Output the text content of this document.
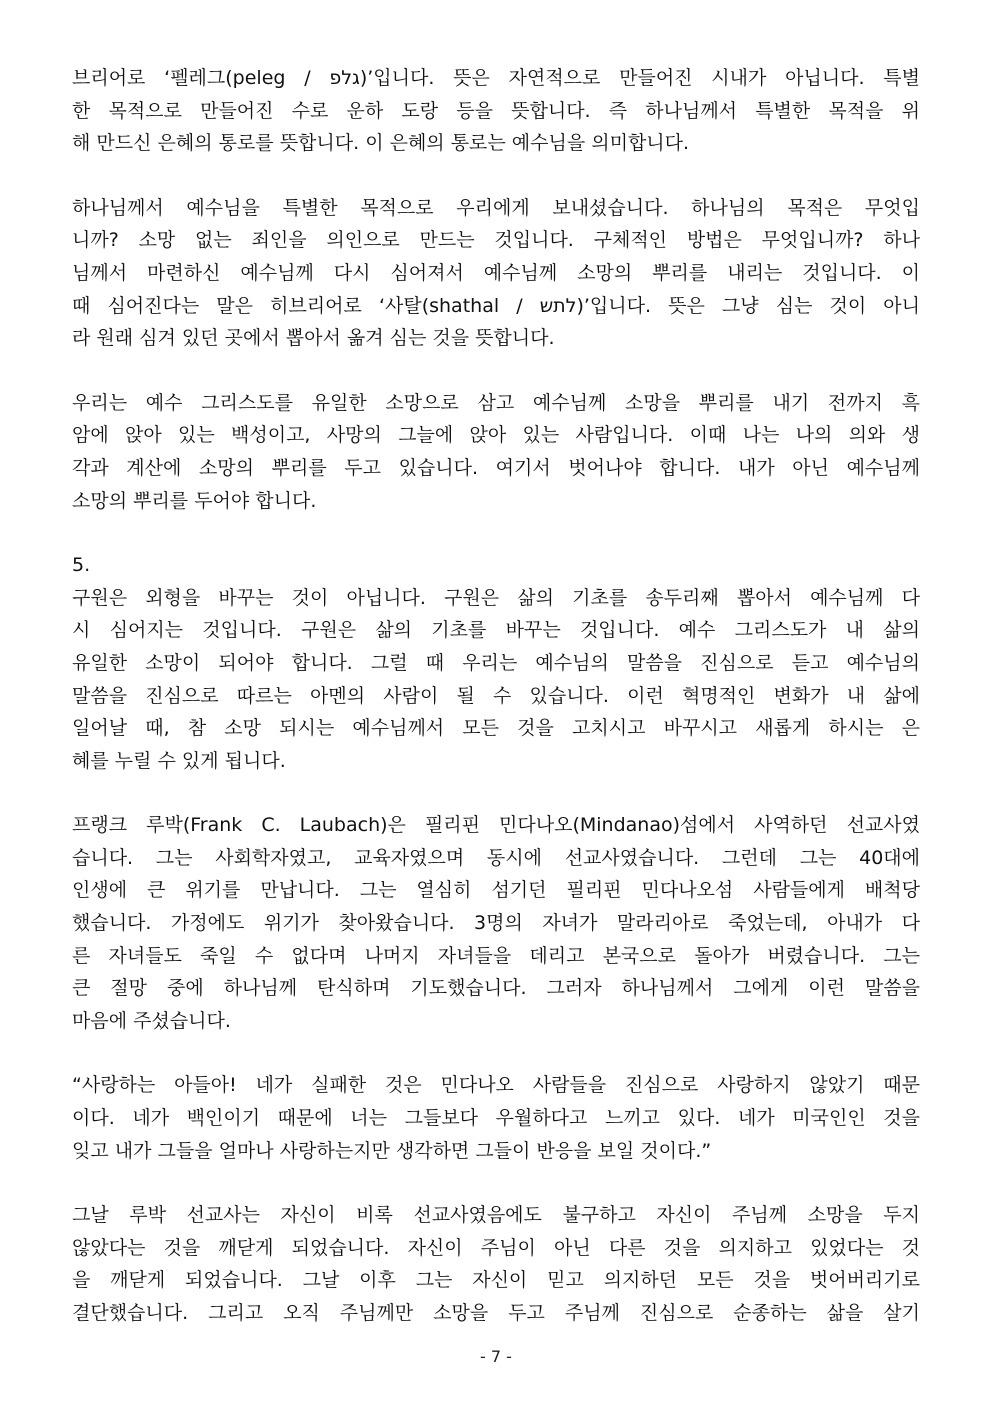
브리어로 ‘펠레그(peleg / גלפ)’입니다. 뜻은 자연적으로 만들어진 시내가 아닙니다. 특별
한 목적으로 만들어진 수로 운하 도랑 등을 뜻합니다. 즉 하나님께서 특별한 목적을 위
해 만드신 은혜의 통로를 뜻합니다. 이 은혜의 통로는 예수님을 의미합니다.
하나님께서 예수님을 특별한 목적으로 우리에게 보내셨습니다. 하나님의 목적은 무엇입
니까? 소망 없는 죄인을 의인으로 만드는 것입니다. 구체적인 방법은 무엇입니까? 하나
님께서 마련하신 예수님께 다시 심어져서 예수님께 소망의 뿌리를 내리는 것입니다. 이
때 심어진다는 말은 히브리어로 ‘사탈(shathal / לתש)’입니다. 뜻은 그냥 심는 것이 아니
라 원래 심겨 있던 곳에서 뽑아서 옮겨 심는 것을 뜻합니다.
우리는 예수 그리스도를 유일한 소망으로 삼고 예수님께 소망을 뿌리를 내기 전까지 흑
암에 앉아 있는 백성이고, 사망의 그늘에 앉아 있는 사람입니다. 이때 나는 나의 의와 생
각과 계산에 소망의 뿌리를 두고 있습니다. 여기서 벗어나야 합니다. 내가 아닌 예수님께
소망의 뿌리를 두어야 합니다.
5.
구원은 외형을 바꾸는 것이 아닙니다. 구원은 삶의 기초를 송두리째 뽑아서 예수님께 다
시 심어지는 것입니다. 구원은 삶의 기초를 바꾸는 것입니다. 예수 그리스도가 내 삶의
유일한 소망이 되어야 합니다. 그럴 때 우리는 예수님의 말씀을 진심으로 듣고 예수님의
말씀을 진심으로 따르는 아멘의 사람이 될 수 있습니다. 이런 혁명적인 변화가 내 삶에
일어날 때, 참 소망 되시는 예수님께서 모든 것을 고치시고 바꾸시고 새롭게 하시는 은
혜를 누릴 수 있게 됩니다.
프랭크 루박(Frank C. Laubach)은 필리핀 민다나오(Mindanao)섬에서 사역하던 선교사였
습니다. 그는 사회학자였고, 교육자였으며 동시에 선교사였습니다. 그런데 그는 40대에
인생에 큰 위기를 만납니다. 그는 열심히 섬기던 필리핀 민다나오섬 사람들에게 배척당
했습니다. 가정에도 위기가 찾아왔습니다. 3명의 자녀가 말라리아로 죽었는데, 아내가 다
른 자녀들도 죽일 수 없다며 나머지 자녀들을 데리고 본국으로 돌아가 버렸습니다. 그는
큰 절망 중에 하나님께 탄식하며 기도했습니다. 그러자 하나님께서 그에게 이런 말씀을
마음에 주셨습니다.
“사랑하는 아들아! 네가 실패한 것은 민다나오 사람들을 진심으로 사랑하지 않았기 때문
이다. 네가 백인이기 때문에 너는 그들보다 우월하다고 느끼고 있다. 네가 미국인인 것을
잊고 내가 그들을 얼마나 사랑하는지만 생각하면 그들이 반응을 보일 것이다.”
그날 루박 선교사는 자신이 비록 선교사였음에도 불구하고 자신이 주님께 소망을 두지
않았다는 것을 깨닫게 되었습니다. 자신이 주님이 아닌 다른 것을 의지하고 있었다는 것
을 깨닫게 되었습니다. 그날 이후 그는 자신이 믿고 의지하던 모든 것을 벗어버리기로
결단했습니다. 그리고 오직 주님께만 소망을 두고 주님께 진심으로 순종하는 삶을 살기
- 7 -
